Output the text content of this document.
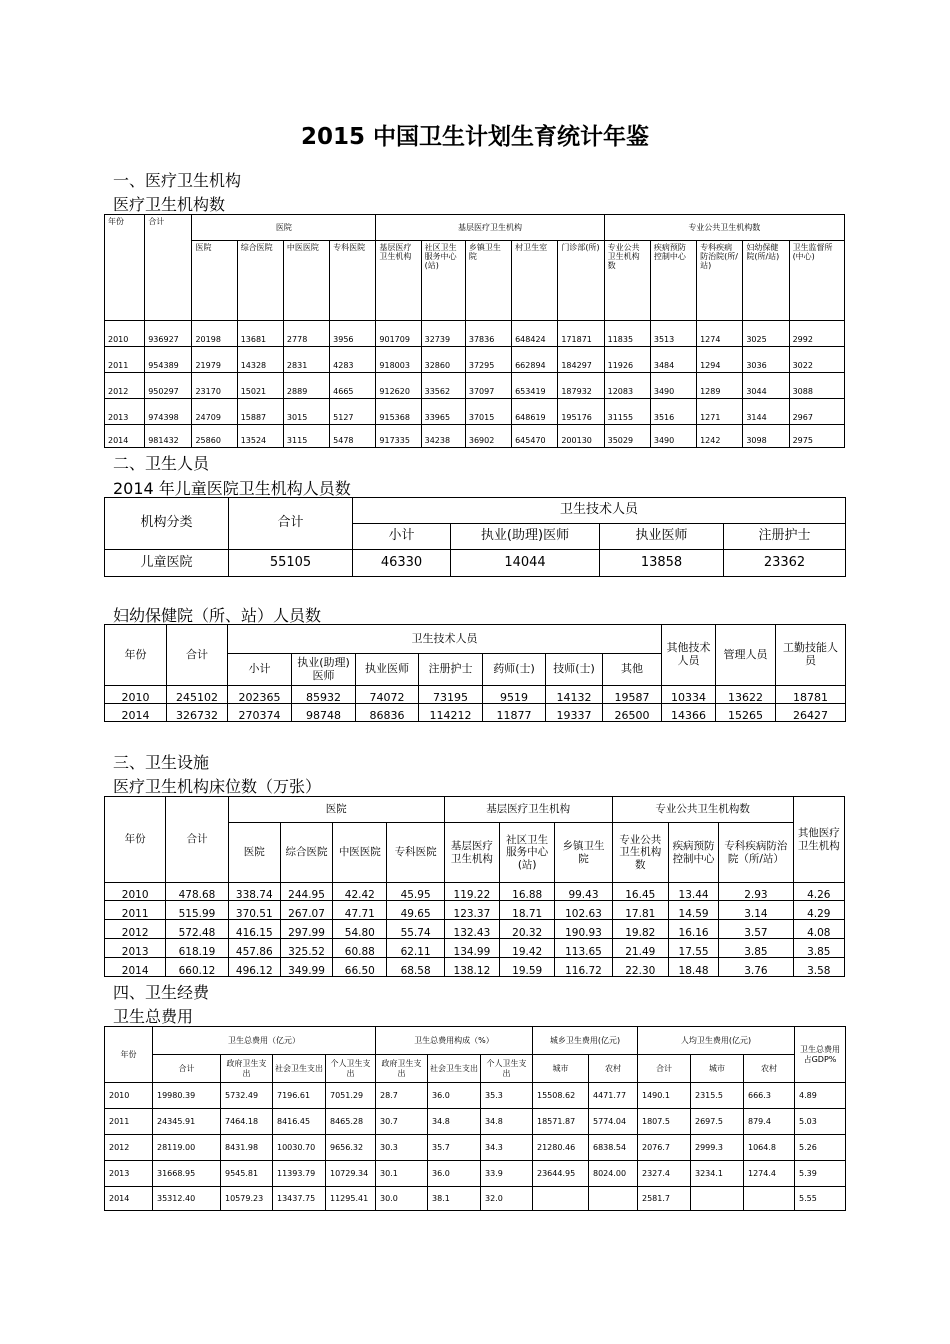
2015 中国卫生计划生育统计年鉴
一、医疗卫生机构
医疗卫生机构数
年份	合计	医院				基层医疗卫生机构					专业公共卫生机构数				
		医院	综合医院	中医医院	专科医院	基层医疗卫生机构	社区卫生服务中心(站)	乡镇卫生院	村卫生室	门诊部(所)	专业公共卫生机构数	疾病预防控制中心	专科疾病防治院(所/站)	妇幼保健院(所/站)	卫生监督所(中心)
2010	936927	20198	13681	2778	3956	901709	32739	37836	648424	171871	11835	3513	1274	3025	2992
2011	954389	21979	14328	2831	4283	918003	32860	37295	662894	184297	11926	3484	1294	3036	3022
2012	950297	23170	15021	2889	4665	912620	33562	37097	653419	187932	12083	3490	1289	3044	3088
2013	974398	24709	15887	3015	5127	915368	33965	37015	648619	195176	31155	3516	1271	3144	2967
2014	981432	25860	13524	3115	5478	917335	34238	36902	645470	200130	35029	3490	1242	3098	2975
二、卫生人员
2014 年儿童医院卫生机构人员数
机构分类	合计	卫生技术人员			
		小计	执业(助理)医师	执业医师	注册护士
儿童医院	55105	46330	14044	13858	23362
妇幼保健院（所、站）人员数
年份	合计	卫生技术人员							其他技术人员	管理人员	工勤技能人员
		小计	执业(助理)医师	执业医师	注册护士	药师(士)	技师(士)	其他			
2010	245102	202365	85932	74072	73195	9519	14132	19587	10334	13622	18781
2014	326732	270374	98748	86836	114212	11877	19337	26500	14366	15265	26427
三、卫生设施
医疗卫生机构床位数（万张）
年份	合计	医院				基层医疗卫生机构			专业公共卫生机构数			其他医疗卫生机构
		医院	综合医院	中医医院	专科医院	基层医疗卫生机构	社区卫生服务中心(站)	乡镇卫生院	专业公共卫生机构数	疾病预防控制中心	专科疾病防治院（所/站）	
2010	478.68	338.74	244.95	42.42	45.95	119.22	16.88	99.43	16.45	13.44	2.93	4.26
2011	515.99	370.51	267.07	47.71	49.65	123.37	18.71	102.63	17.81	14.59	3.14	4.29
2012	572.48	416.15	297.99	54.80	55.74	132.43	20.32	190.93	19.82	16.16	3.57	4.08
2013	618.19	457.86	325.52	60.88	62.11	134.99	19.42	113.65	21.49	17.55	3.85	3.85
2014	660.12	496.12	349.99	66.50	68.58	138.12	19.59	116.72	22.30	18.48	3.76	3.58
四、卫生经费
卫生总费用
年份	卫生总费用（亿元）				卫生总费用构成（%）			城乡卫生费用(亿元)		人均卫生费用(亿元)			卫生总费用占GDP%
	合计	政府卫生支出	社会卫生支出	个人卫生支出	政府卫生支出	社会卫生支出	个人卫生支出	城市	农村	合计	城市	农村	
2010	19980.39	5732.49	7196.61	7051.29	28.7	36.0	35.3	15508.62	4471.77	1490.1	2315.5	666.3	4.89
2011	24345.91	7464.18	8416.45	8465.28	30.7	34.8	34.8	18571.87	5774.04	1807.5	2697.5	879.4	5.03
2012	28119.00	8431.98	10030.70	9656.32	30.3	35.7	34.3	21280.46	6838.54	2076.7	2999.3	1064.8	5.26
2013	31668.95	9545.81	11393.79	10729.34	30.1	36.0	33.9	23644.95	8024.00	2327.4	3234.1	1274.4	5.39
2014	35312.40	10579.23	13437.75	11295.41	30.0	38.1	32.0			2581.7			5.55
